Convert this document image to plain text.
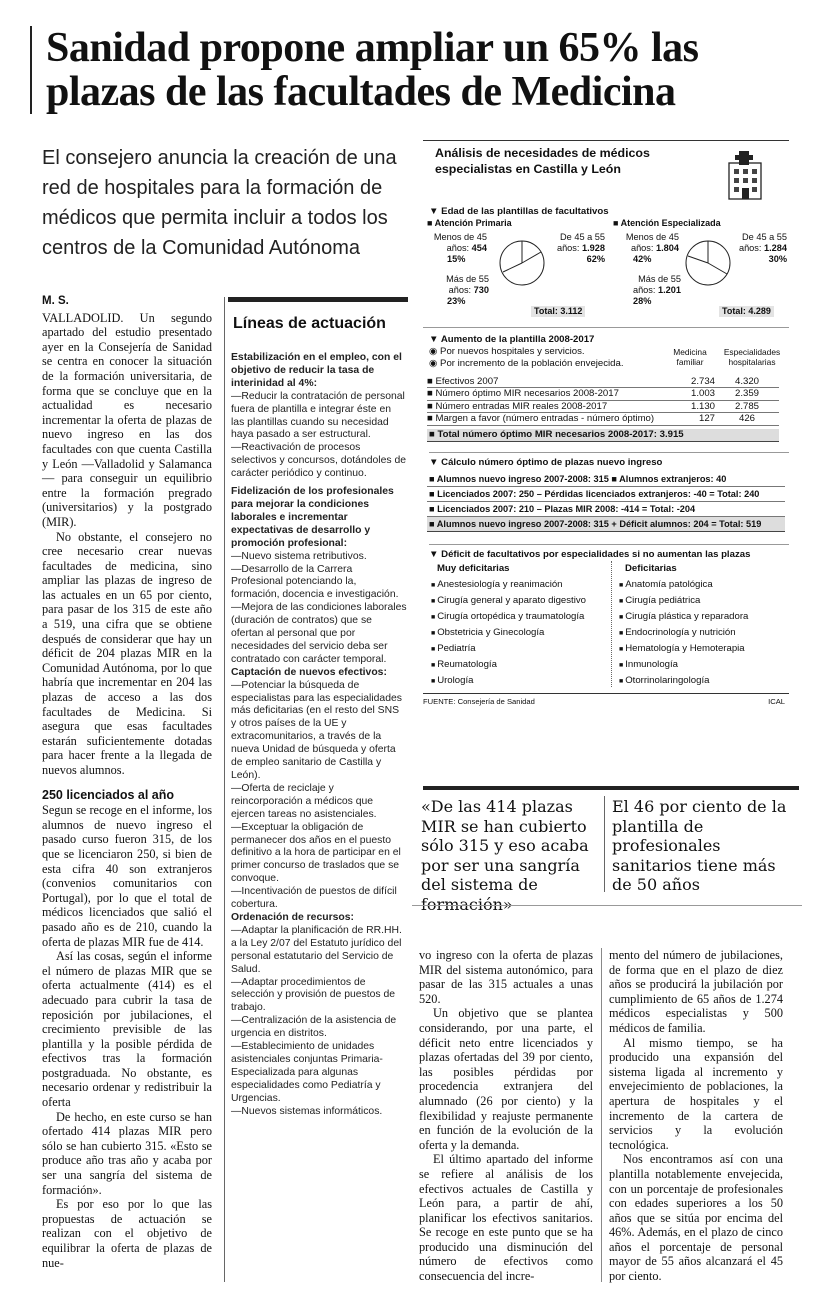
Sanidad propone ampliar un 65% las plazas de las facultades de Medicina
El consejero anuncia la creación de una red de hospitales para la formación de médicos que permita incluir a todos los centros de la Comunidad Autónoma
M. S.

VALLADOLID. Un segundo apartado del estudio presentado ayer en la Consejería de Sanidad se centra en conocer la situación de la formación universitaria, de forma que se concluye que en la actualidad es necesario incrementar la oferta de plazas de nuevo ingreso en las dos facultades con que cuenta Castilla y León —Valladolid y Salamanca— para conseguir un equilibrio entre la formación pregrado (universitarios) y la postgrado (MIR).

No obstante, el consejero no cree necesario crear nuevas facultades de medicina, sino ampliar las plazas de ingreso de las actuales en un 65 por ciento, para pasar de los 315 de este año a 519, una cifra que se obtiene después de considerar que hay un déficit de 204 plazas MIR en la Comunidad Autónoma, por lo que habría que incrementar en 204 las plazas de acceso a las dos facultades de Medicina. Si asegura que esas facultades estarán suficientemente dotadas para hacer frente a la llegada de nuevos alumnos.

250 licenciados al año

Segun se recoge en el informe, los alumnos de nuevo ingreso el pasado curso fueron 315, de los que se licenciaron 250, si bien de esta cifra 40 son extranjeros (convenios comunitarios con Portugal), por lo que el total de médicos licenciados que salió el pasado año es de 210, cuando la oferta de plazas MIR fue de 414.

Así las cosas, según el informe el número de plazas MIR que se oferta actualmente (414) es el adecuado para cubrir la tasa de reposición por jubilaciones, el crecimiento previsible de las plantilla y la posible pérdida de efectivos tras la formación postgraduada. No obstante, es necesario ordenar y redistribuir la oferta

De hecho, en este curso se han ofertado 414 plazas MIR pero sólo se han cubierto 315. «Esto se produce año tras año y acaba por ser una sangría del sistema de formación».

Es por eso por lo que las propuestas de actuación se realizan con el objetivo de equilibrar la oferta de plazas de nue-

Líneas de actuación
Estabilización en el empleo, con el objetivo de reducir la tasa de interinidad al 4%:
—Reducir la contratación de personal fuera de plantilla e integrar éste en las plantillas cuando su necesidad haya pasado a ser estructural.
—Reactivación de procesos selectivos y concursos, dotándoles de carácter periódico y continuo.
Fidelización de los profesionales para mejorar la condiciones laborales e incrementar expectativas de desarrollo y promoción profesional:
—Nuevo sistema retributivos.
—Desarrollo de la Carrera Profesional potenciando la, formación, docencia e investigación.
—Mejora de las condiciones laborales (duración de contratos) que se ofertan al personal que por necesidades del servicio deba ser contratado con carácter temporal.
Captación de nuevos efectivos:
—Potenciar la búsqueda de especialistas para las especialidades más deficitarias (en el resto del SNS y otros países de la UE y extracomunitarios, a través de la nueva Unidad de búsqueda y oferta de empleo sanitario de Castilla y León).
—Oferta de reciclaje y reincorporación a médicos que ejercen tareas no asistenciales.
—Exceptuar la obligación de permanecer dos años en el puesto definitivo a la hora de participar en el primer concurso de traslados que se convoque.
—Incentivación de puestos de difícil cobertura.
Ordenación de recursos:
—Adaptar la planificación de RR.HH. a la Ley 2/07 del Estatuto jurídico del personal estatutario del Servicio de Salud.
—Adaptar procedimientos de selección y provisión de puestos de trabajo.
—Centralización de la asistencia de urgencia en distritos.
—Establecimiento de unidades asistenciales conjuntas Primaria-Especializada para algunas especialidades como Pediatría y Urgencias.
—Nuevos sistemas informáticos.
Análisis de necesidades de médicos especialistas en Castilla y León
▼ Edad de las plantillas de facultativos
■ Atención Primaria
Menos de 45
años: 454
15%
De 45 a 55
años: 1.928
62%
Más de 55
años: 730
23%
Total: 3.112
■ Atención Especializada
Menos de 45
años: 1.804
42%
De 45 a 55
años: 1.284
30%
Más de 55
años: 1.201
28%
Total: 4.289
▼ Aumento de la plantilla 2008-2017
◉ Por nuevos hospitales y servicios.
◉ Por incremento de la población envejecida.
Medicina familiar
Especialidades hospitalarias
■ Efectivos 2007	2.734	4.320
■ Número óptimo MIR necesarios 2008-2017	1.003	2.359
■ Número entradas MIR reales 2008-2017	1.130	2.785
■ Margen a favor (número entradas - número óptimo)	127	426
■ Total número óptimo MIR necesarios 2008-2017: 3.915
▼ Cálculo número óptimo de plazas nuevo ingreso
■ Alumnos nuevo ingreso 2007-2008: 315 ■ Alumnos extranjeros: 40
■ Licenciados 2007: 250 – Pérdidas licenciados extranjeros: -40 = Total: 240
■ Licenciados 2007: 210 – Plazas MIR 2008: -414 = Total: -204
■ Alumnos nuevo ingreso 2007-2008: 315 + Déficit alumnos: 204 = Total: 519
▼ Déficit de facultativos por especialidades si no aumentan las plazas
Muy deficitarias
■ Anestesiología y reanimación
■ Cirugía general y aparato digestivo
■ Cirugía ortopédica y traumatología
■ Obstetricia y Ginecología
■ Pediatría
■ Reumatología
■ Urología
Deficitarias
■ Anatomía patológica
■ Cirugía pediátrica
■ Cirugía plástica y reparadora
■ Endocrinología y nutrición
■ Hematología y Hemoterapia
■ Inmunología
■ Otorrinolaringología
FUENTE: Consejería de Sanidad	ICAL
«De las 414 plazas MIR se han cubierto sólo 315 y eso acaba por ser una sangría del sistema de formación»
El 46 por ciento de la plantilla de profesionales sanitarios tiene más de 50 años

vo ingreso con la oferta de plazas MIR del sistema autonómico, para pasar de las 315 actuales a unas 520.

Un objetivo que se plantea considerando, por una parte, el déficit neto entre licenciados y plazas ofertadas del 39 por ciento, las posibles pérdidas por procedencia extranjera del alumnado (26 por ciento) y la flexibilidad y reajuste permanente en función de la evolución de la oferta y la demanda.

El último apartado del informe se refiere al análisis de los efectivos actuales de Castilla y León para, a partir de ahí, planificar los efectivos sanitarios. Se recoge en este punto que se ha producido una disminución del número de efectivos como consecuencia del incre-

mento del número de jubilaciones, de forma que en el plazo de diez años se producirá la jubilación por cumplimiento de 65 años de 1.274 médicos especialistas y 500 médicos de familia.

Al mismo tiempo, se ha producido una expansión del sistema ligada al incremento y envejecimiento de poblaciones, la apertura de hospitales y el incremento de la cartera de servicios y la evolución tecnológica.

Nos encontramos así con una plantilla notablemente envejecida, con un porcentaje de profesionales con edades superiores a los 50 años que se sitúa por encima del 46%. Además, en el plazo de cinco años el porcentaje de personal mayor de 55 años alcanzará el 45 por ciento.
